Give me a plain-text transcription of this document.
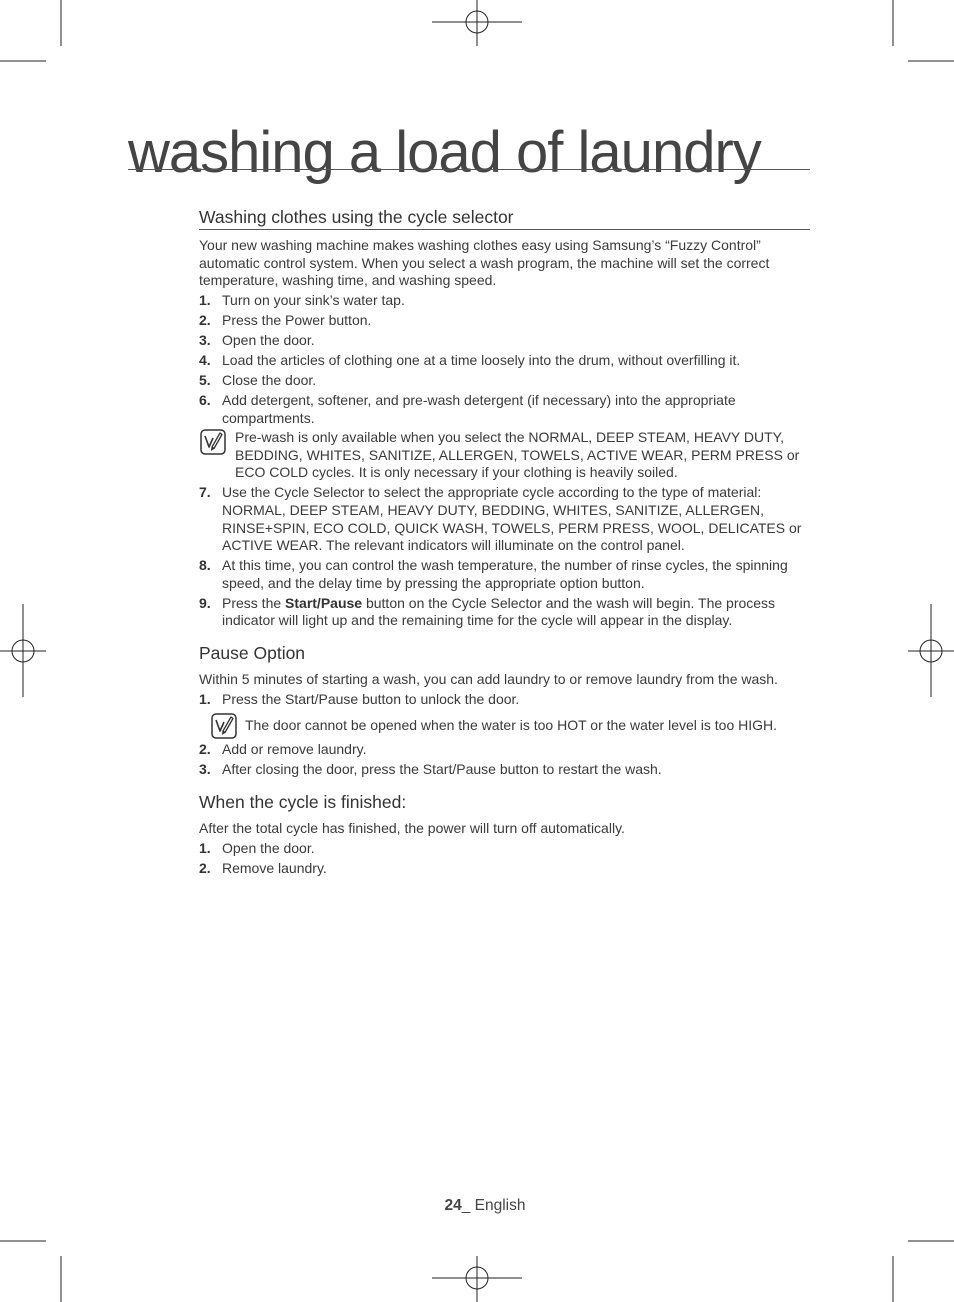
washing a load of laundry
Washing clothes using the cycle selector

Your new washing machine makes washing clothes easy using Samsung’s “Fuzzy Control” automatic control system. When you select a wash program, the machine will set the correct temperature, washing time, and washing speed.

1. Turn on your sink’s water tap.
2. Press the Power button.
3. Open the door.
4. Load the articles of clothing one at a time loosely into the drum, without overfilling it.
5. Close the door.
6. Add detergent, softener, and pre-wash detergent (if necessary) into the appropriate compartments.

Pre-wash is only available when you select the NORMAL, DEEP STEAM, HEAVY DUTY, BEDDING, WHITES, SANITIZE, ALLERGEN, TOWELS, ACTIVE WEAR, PERM PRESS or ECO COLD cycles. It is only necessary if your clothing is heavily soiled.

7. Use the Cycle Selector to select the appropriate cycle according to the type of material: NORMAL, DEEP STEAM, HEAVY DUTY, BEDDING, WHITES, SANITIZE, ALLERGEN, RINSE+SPIN, ECO COLD, QUICK WASH, TOWELS, PERM PRESS, WOOL, DELICATES or ACTIVE WEAR. The relevant indicators will illuminate on the control panel.
8. At this time, you can control the wash temperature, the number of rinse cycles, the spinning speed, and the delay time by pressing the appropriate option button.
9. Press the Start/Pause button on the Cycle Selector and the wash will begin. The process indicator will light up and the remaining time for the cycle will appear in the display.
Pause Option

Within 5 minutes of starting a wash, you can add laundry to or remove laundry from the wash.

1. Press the Start/Pause button to unlock the door.

The door cannot be opened when the water is too HOT or the water level is too HIGH.

2. Add or remove laundry.
3. After closing the door, press the Start/Pause button to restart the wash.
When the cycle is finished:

After the total cycle has finished, the power will turn off automatically.

1. Open the door.
2. Remove laundry.
24_ English
